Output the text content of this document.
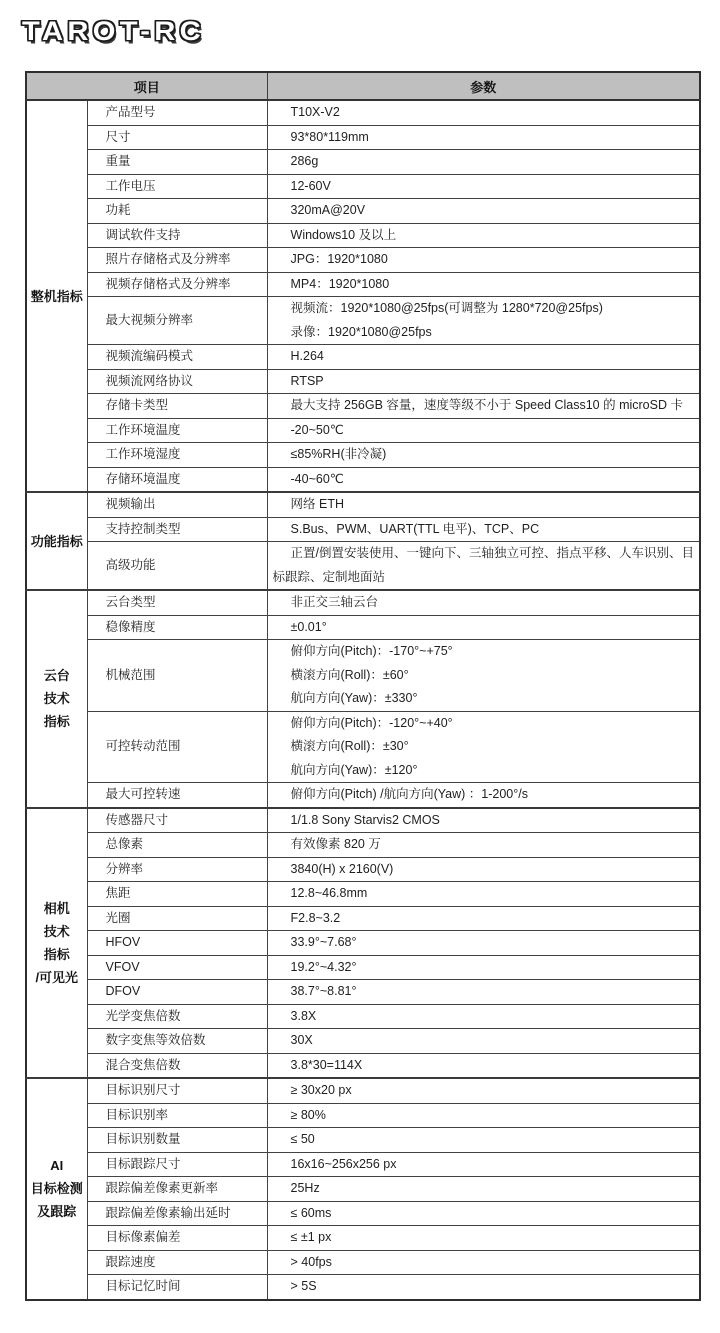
TAROT-RC
项目		参数

整机指标	产品型号	T10X-V2

	尺寸	93*80*119mm

	重量	286g

	工作电压	12-60V

	功耗	320mA@20V

	调试软件支持	Windows10 及以上

	照片存储格式及分辨率	JPG：1920*1080

	视频存储格式及分辨率	MP4：1920*1080

	最大视频分辨率	视频流：1920*1080@25fps(可调整为 1280*720@25fps)
录像：1920*1080@25fps

	视频流编码模式	H.264

	视频流网络协议	RTSP

	存储卡类型	最大支持 256GB 容量，速度等级不小于 Speed Class10 的 microSD 卡

	工作环境温度	-20~50℃

	工作环境湿度	≤85%RH(非冷凝)

	存储环境温度	-40~60℃

功能指标	视频输出	网络 ETH

	支持控制类型	S.Bus、PWM、UART(TTL 电平)、TCP、PC

	高级功能	正置/倒置安装使用、一键向下、三轴独立可控、指点平移、人车识别、目标跟踪、定制地面站

云台
技术
指标	云台类型	非正交三轴云台

	稳像精度	±0.01°

	机械范围	俯仰方向(Pitch)：-170°~+75°
横滚方向(Roll)：±60°
航向方向(Yaw)：±330°

	可控转动范围	俯仰方向(Pitch)：-120°~+40°
横滚方向(Roll)：±30°
航向方向(Yaw)：±120°

	最大可控转速	俯仰方向(Pitch) /航向方向(Yaw) ：1-200°/s

相机
技术
指标
/可见光	传感器尺寸	1/1.8 Sony Starvis2 CMOS

	总像素	有效像素 820 万

	分辨率	3840(H) x 2160(V)

	焦距	12.8~46.8mm

	光圈	F2.8~3.2

	HFOV	33.9°~7.68°

	VFOV	19.2°~4.32°

	DFOV	38.7°~8.81°

	光学变焦倍数	3.8X

	数字变焦等效倍数	30X

	混合变焦倍数	3.8*30=114X

AI
目标检测
及跟踪	目标识别尺寸	≥ 30x20 px

	目标识别率	≥ 80%

	目标识别数量	≤ 50

	目标跟踪尺寸	16x16~256x256 px

	跟踪偏差像素更新率	25Hz

	跟踪偏差像素输出延时	≤ 60ms

	目标像素偏差	≤ ±1 px

	跟踪速度	> 40fps

	目标记忆时间	> 5S
